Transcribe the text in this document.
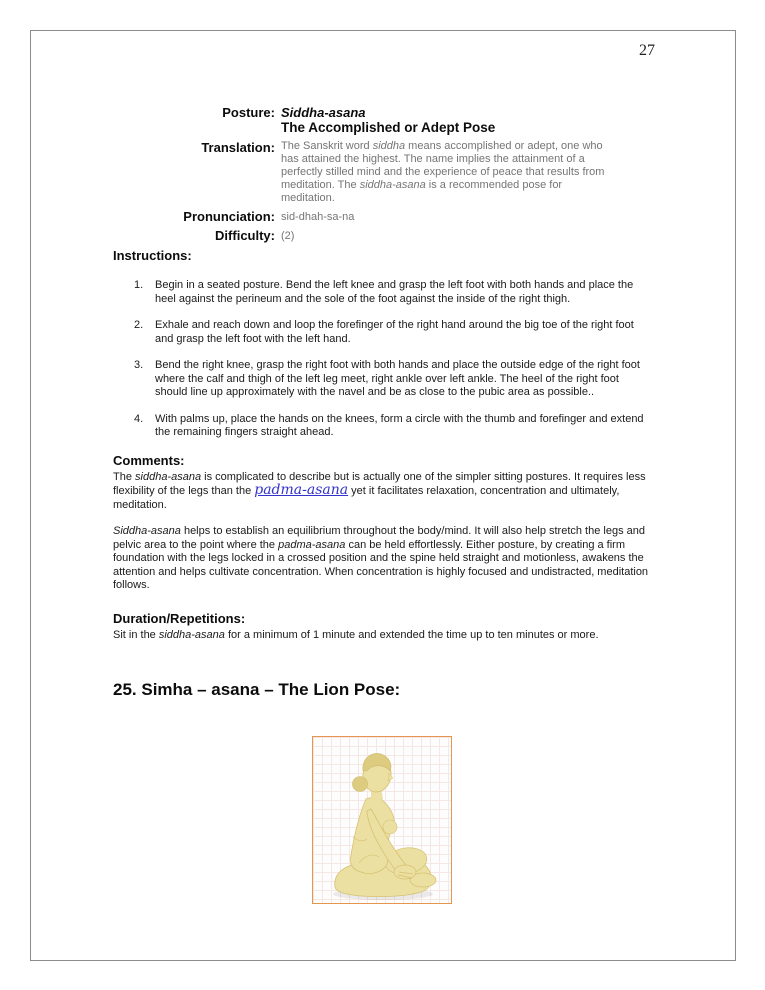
27
Posture: Siddha-asana
The Accomplished or Adept Pose
Translation: The Sanskrit word siddha means accomplished or adept, one who has attained the highest. The name implies the attainment of a perfectly stilled mind and the experience of peace that results from meditation. The siddha-asana is a recommended pose for meditation.
Pronunciation: sid-dhah-sa-na
Difficulty: (2)
Instructions:
1.	Begin in a seated posture. Bend the left knee and grasp the left foot with both hands and place the heel against the perineum and the sole of the foot against the inside of the right thigh.
2.	Exhale and reach down and loop the forefinger of the right hand around the big toe of the right foot and grasp the left foot with the left hand.
3.	Bend the right knee, grasp the right foot with both hands and place the outside edge of the right foot where the calf and thigh of the left leg meet, right ankle over left ankle. The heel of the right foot should line up approximately with the navel and be as close to the pubic area as possible..
4.	With palms up, place the hands on the knees, form a circle with the thumb and forefinger and extend the remaining fingers straight ahead.
Comments:

The siddha-asana is complicated to describe but is actually one of the simpler sitting postures. It requires less flexibility of the legs than the padma-asana yet it facilitates relaxation, concentration and ultimately, meditation.

Siddha-asana helps to establish an equilibrium throughout the body/mind. It will also help stretch the legs and pelvic area to the point where the padma-asana can be held effortlessly. Either posture, by creating a firm foundation with the legs locked in a crossed position and the spine held straight and motionless, awakens the attention and helps cultivate concentration. When concentration is highly focused and undistracted, meditation follows.

Duration/Repetitions:

Sit in the siddha-asana for a minimum of 1 minute and extended the time up to ten minutes or more.

25. Simha – asana – The Lion Pose:
